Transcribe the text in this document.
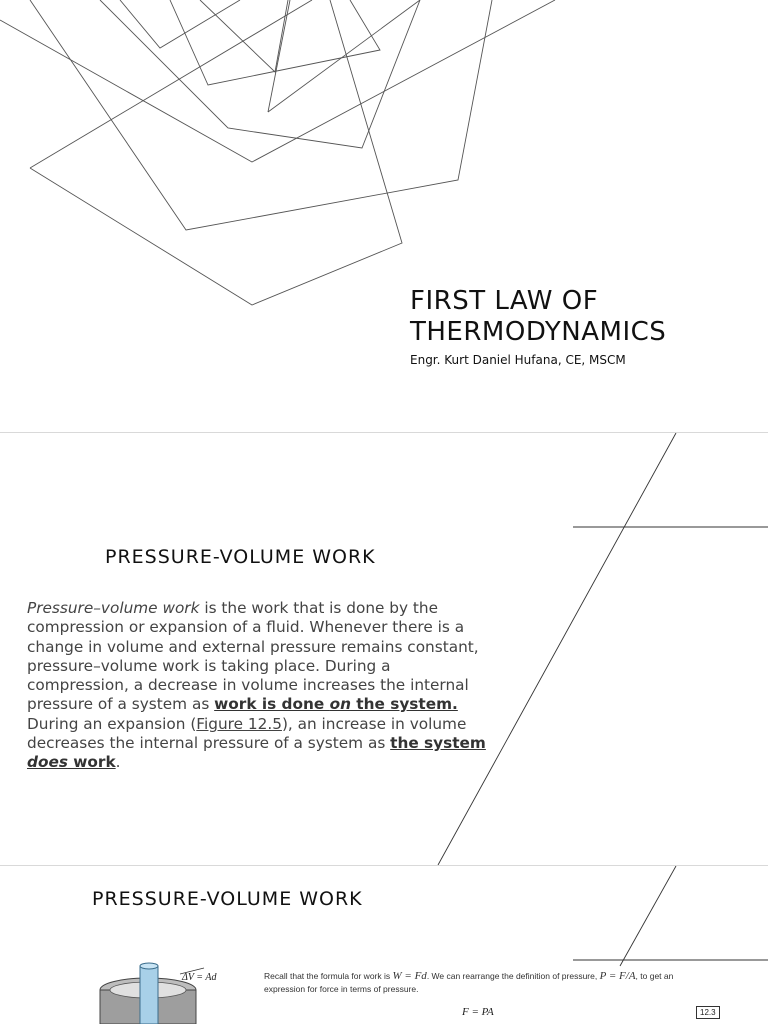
FIRST LAW OF
THERMODYNAMICS
Engr. Kurt Daniel Hufana, CE, MSCM
PRESSURE-VOLUME WORK

Pressure–volume work is the work that is done by the compression or expansion of a fluid. Whenever there is a change in volume and external pressure remains constant, pressure–volume work is taking place. During a compression, a decrease in volume increases the internal pressure of a system as work is done on the system. During an expansion (Figure 12.5), an increase in volume decreases the internal pressure of a system as the system does work.

PRESSURE-VOLUME WORK
ΔV = Ad	Recall that the formula for work is W = Fd. We can rearrange the definition of pressure, P = F/A, to get an expression for force in terms of pressure.
F = PA	12.3
